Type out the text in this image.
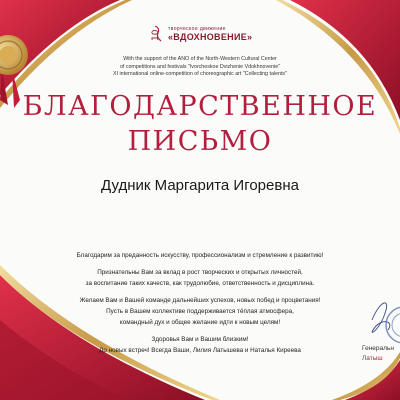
10
творческое движение
«ВДОХНОВЕНИЕ»
With the support of the ANO of the North-Western Cultural Center
of competitions and festivals "Ivorcheskoe Dvizhenie Vdokhnovenie"
XI international online-competition of choreographic art "Collecting talents"
БЛАГОДАРСТВЕННОЕ
ПИСЬМО
Дудник Маргарита Игоревна

Благодарим за преданность искусству, профессионализм и стремление к развитию!

Признательны Вам за вклад в рост творческих и открытых личностей,
за воспитание таких качеств, как трудолюбие, ответственность и дисциплина.

Желаем Вам и Вашей команде дальнейших успехов, новых побед и процветания!
Пусть в Вашем коллективе поддерживается тёплая атмосфера,
командный дух и общее желание идти к новым целям!

Здоровья Вам и Вашим близким!
До новых встреч! Всегда Ваши, Лилия Латышева и Наталья Киреева	Генеральн
Латыш
